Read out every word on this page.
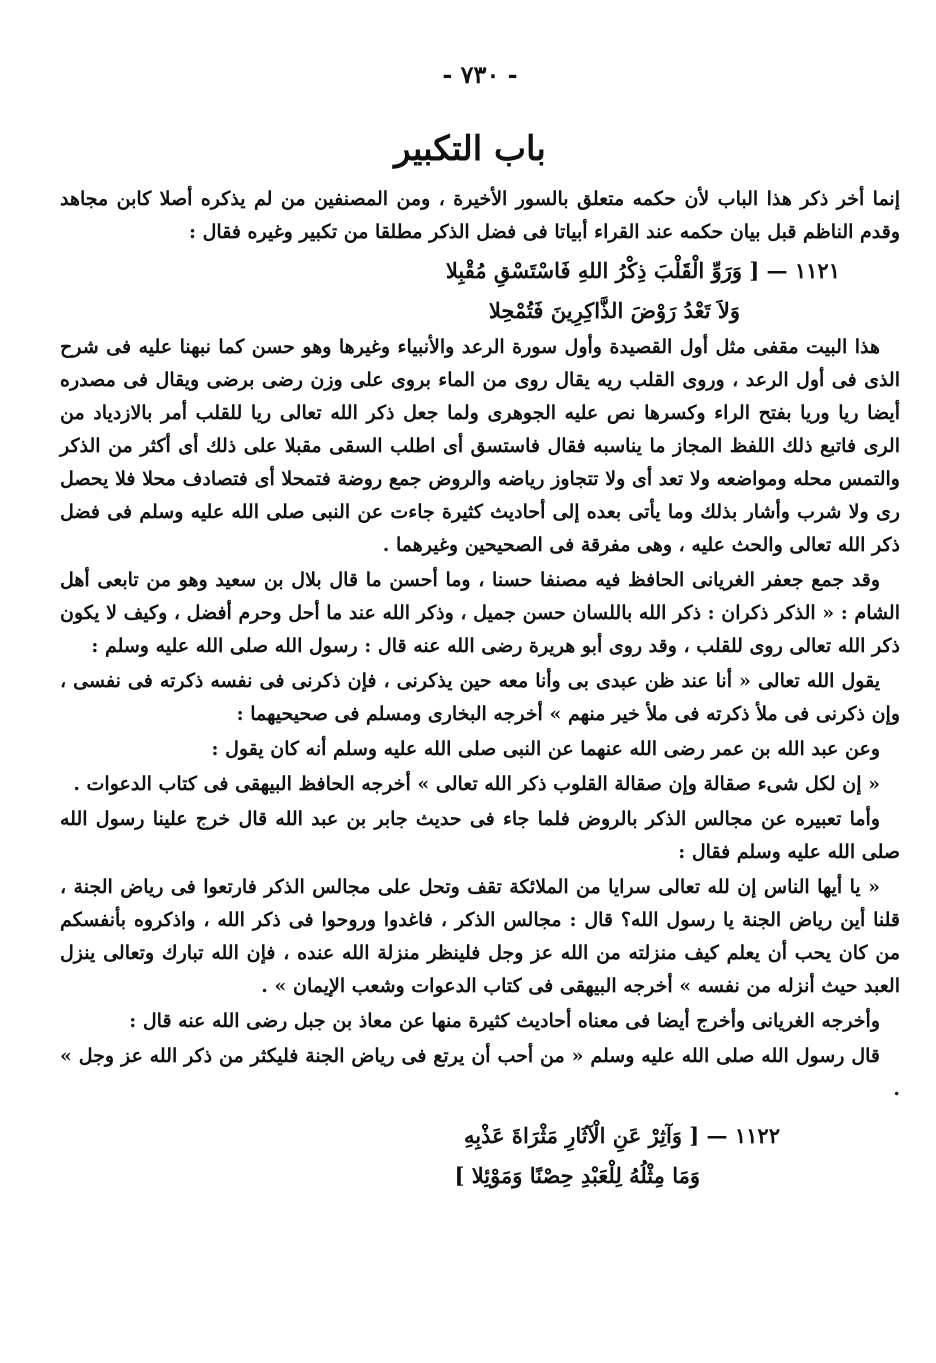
- ٧٣٠ -
باب التكبير

إنما أخر ذكر هذا الباب لأن حكمه متعلق بالسور الأخيرة ، ومن المصنفين من لم يذكره أصلا كابن مجاهد وقدم الناظم قبل بيان حكمه عند القراء أبياتا فى فضل الذكر مطلقا من تكبير وغيره فقال :

١١٢١ — [ وَرَوِّ الْقَلْبَ ذِكْرُ اللهِ فَاسْتَسْقِ مُقْبِلا

وَلاَ تَعْدُ رَوْضَ الذَّاكِرِينَ فَتُمْحِلا

هذا البيت مقفى مثل أول القصيدة وأول سورة الرعد والأنبياء وغيرها وهو حسن كما نبهنا عليه فى شرح الذى فى أول الرعد ، وروى القلب ريه يقال روى من الماء بروى على وزن رضى برضى ويقال فى مصدره أيضا ريا وريا بفتح الراء وكسرها نص عليه الجوهرى ولما جعل ذكر الله تعالى ريا للقلب أمر بالازدياد من الرى فاتبع ذلك اللفظ المجاز ما يناسبه فقال فاستسق أى اطلب السقى مقبلا على ذلك أى أكثر من الذكر والتمس محله ومواضعه ولا تعد أى ولا تتجاوز رياضه والروض جمع روضة فتمحلا أى فتصادف محلا فلا يحصل رى ولا شرب وأشار بذلك وما يأتى بعده إلى أحاديث كثيرة جاءت عن النبى صلى الله عليه وسلم فى فضل ذكر الله تعالى والحث عليه ، وهى مفرقة فى الصحيحين وغيرهما .

وقد جمع جعفر الغريانى الحافظ فيه مصنفا حسنا ، وما أحسن ما قال بلال بن سعيد وهو من تابعى أهل الشام : « الذكر ذكران : ذكر الله باللسان حسن جميل ، وذكر الله عند ما أحل وحرم أفضل ، وكيف لا يكون ذكر الله تعالى روى للقلب ، وقد روى أبو هريرة رضى الله عنه قال : رسول الله صلى الله عليه وسلم :

يقول الله تعالى « أنا عند ظن عبدى بى وأنا معه حين يذكرنى ، فإن ذكرنى فى نفسه ذكرته فى نفسى ، وإن ذكرنى فى ملأ ذكرته فى ملأ خير منهم » أخرجه البخارى ومسلم فى صحيحيهما :

وعن عبد الله بن عمر رضى الله عنهما عن النبى صلى الله عليه وسلم أنه كان يقول :

« إن لكل شىء صقالة وإن صقالة القلوب ذكر الله تعالى » أخرجه الحافظ البيهقى فى كتاب الدعوات .

وأما تعبيره عن مجالس الذكر بالروض فلما جاء فى حديث جابر بن عبد الله قال خرج علينا رسول الله صلى الله عليه وسلم فقال :

« يا أيها الناس إن لله تعالى سرايا من الملائكة تقف وتحل على مجالس الذكر فارتعوا فى رياض الجنة ، قلنا أين رياض الجنة يا رسول الله؟ قال : مجالس الذكر ، فاغدوا وروحوا فى ذكر الله ، واذكروه بأنفسكم من كان يحب أن يعلم كيف منزلته من الله عز وجل فلينظر منزلة الله عنده ، فإن الله تبارك وتعالى ينزل العبد حيث أنزله من نفسه » أخرجه البيهقى فى كتاب الدعوات وشعب الإيمان » .

وأخرجه الغريانى وأخرج أيضا فى معناه أحاديث كثيرة منها عن معاذ بن جبل رضى الله عنه قال :

قال رسول الله صلى الله عليه وسلم « من أحب أن يرتع فى رياض الجنة فليكثر من ذكر الله عز وجل » .

١١٢٢ — [ وَآثِرْ عَنِ الْآثَارِ مَثْرَاةَ عَذْبِهِ

وَمَا مِثْلُهُ لِلْعَبْدِ حِصْنًا وَمَوْئِلا ]
